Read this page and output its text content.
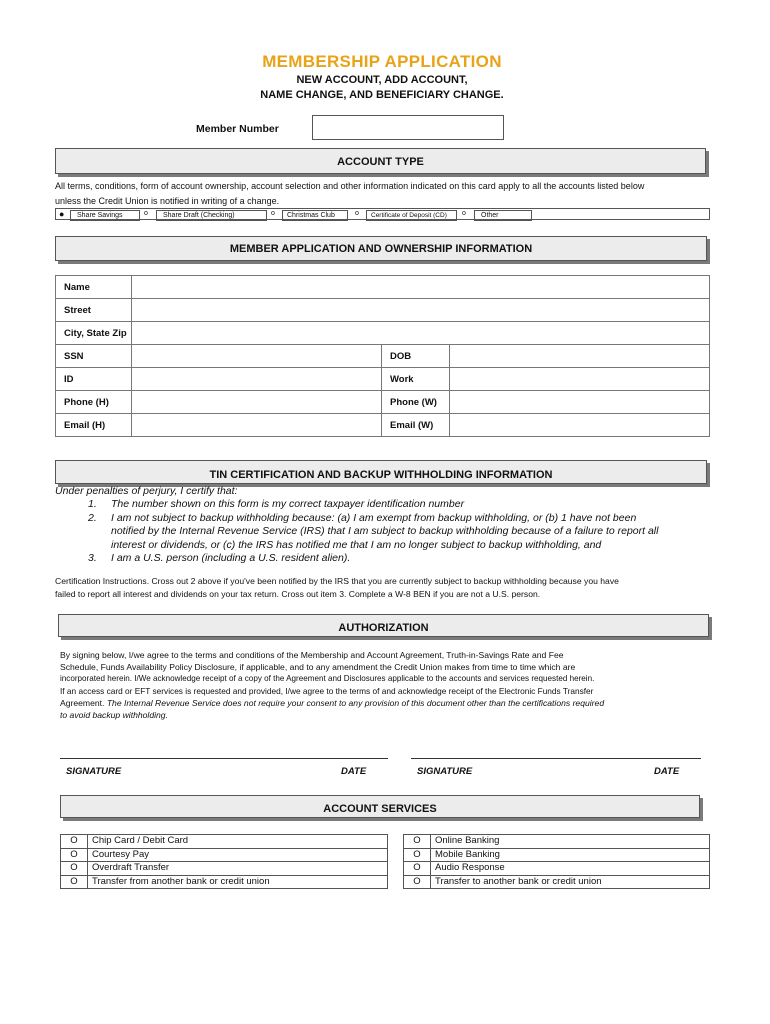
MEMBERSHIP APPLICATION
NEW ACCOUNT, ADD ACCOUNT,
NAME CHANGE, AND BENEFICIARY CHANGE.
Member Number
ACCOUNT TYPE
All terms, conditions, form of account ownership, account selection and other information indicated on this card apply to all the accounts listed below
unless the Credit Union is notified in writing of a change.
●	Share Savings	o	Share Draft (Checking)	o	Christmas Club	o	Certificate of Deposit (CD)	o	Other
MEMBER APPLICATION AND OWNERSHIP INFORMATION
Name			
Street			
City, State Zip			
SSN		DOB	
ID		Work	
Phone (H)		Phone (W)	
Email (H)		Email (W)	
TIN CERTIFICATION AND BACKUP WITHHOLDING INFORMATION
Under penalties of perjury, I certify that:
1. The number shown on this form is my correct taxpayer identification number
2. I am not subject to backup withholding because: (a) I am exempt from backup withholding, or (b) 1 have not been
notified by the Internal Revenue Service (IRS) that I am subject to backup withholding because of a failure to report all
interest or dividends, or (c) the IRS has notified me that I am no longer subject to backup withholding, and
3. I am a U.S. person (including a U.S. resident alien).
Certification Instructions. Cross out 2 above if you've been notified by the IRS that you are currently subject to backup withholding because you have
failed to report all interest and dividends on your tax return. Cross out item 3. Complete a W-8 BEN if you are not a U.S. person.
AUTHORIZATION
By signing below, I/we agree to the terms and conditions of the Membership and Account Agreement, Truth-in-Savings Rate and Fee
Schedule, Funds Availability Policy Disclosure, if applicable, and to any amendment the Credit Union makes from time to time which are
incorporated herein. I/We acknowledge receipt of a copy of the Agreement and Disclosures applicable to the accounts and services requested herein.
If an access card or EFT services is requested and provided, I/we agree to the terms of and acknowledge receipt of the Electronic Funds Transfer
Agreement. The Internal Revenue Service does not require your consent to any provision of this document other than the certifications required
to avoid backup withholding.
SIGNATURE	DATE	SIGNATURE	DATE
ACCOUNT SERVICES
O	Chip Card / Debit Card
O	Courtesy Pay
O	Overdraft Transfer
O	Transfer from another bank or credit union
O	Online Banking
O	Mobile Banking
O	Audio Response
O	Transfer to another bank or credit union
